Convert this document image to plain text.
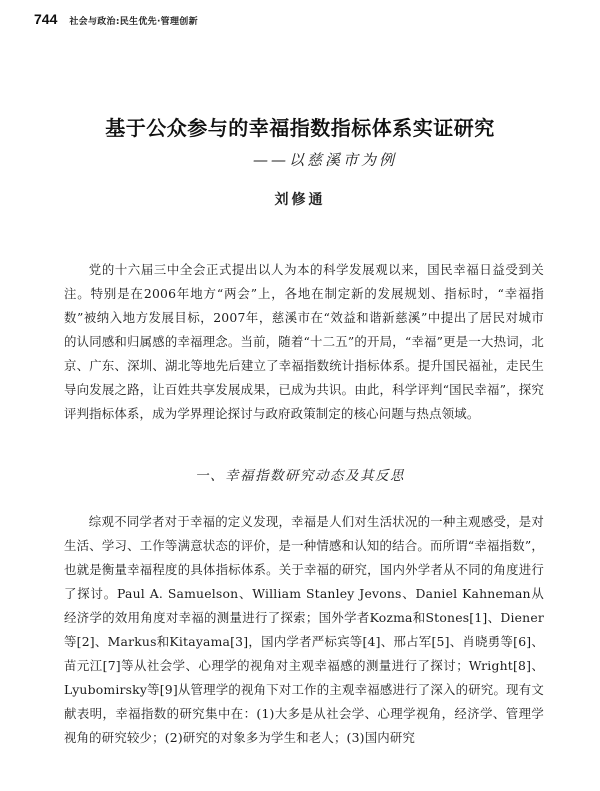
744 社会与政治:民生优先·管理创新
基于公众参与的幸福指数指标体系实证研究
——以慈溪市为例
刘修通

党的十六届三中全会正式提出以人为本的科学发展观以来，国民幸福日益受到关注。特别是在2006年地方“两会”上，各地在制定新的发展规划、指标时，“幸福指数”被纳入地方发展目标，2007年，慈溪市在“效益和谐新慈溪”中提出了居民对城市的认同感和归属感的幸福理念。当前，随着“十二五”的开局，“幸福”更是一大热词，北京、广东、深圳、湖北等地先后建立了幸福指数统计指标体系。提升国民福祉，走民生导向发展之路，让百姓共享发展成果，已成为共识。由此，科学评判“国民幸福”，探究评判指标体系，成为学界理论探讨与政府政策制定的核心问题与热点领域。

一、幸福指数研究动态及其反思

综观不同学者对于幸福的定义发现，幸福是人们对生活状况的一种主观感受，是对生活、学习、工作等满意状态的评价，是一种情感和认知的结合。而所谓“幸福指数”，也就是衡量幸福程度的具体指标体系。关于幸福的研究，国内外学者从不同的角度进行了探讨。Paul A. Samuelson、William Stanley Jevons、Daniel Kahneman从经济学的效用角度对幸福的测量进行了探索；国外学者Kozma和Stones[1]、Diener等[2]、Markus和Kitayama[3]，国内学者严标宾等[4]、邢占军[5]、肖晓勇等[6]、苗元江[7]等从社会学、心理学的视角对主观幸福感的测量进行了探讨；Wright[8]、Lyubomirsky等[9]从管理学的视角下对工作的主观幸福感进行了深入的研究。现有文献表明，幸福指数的研究集中在：(1)大多是从社会学、心理学视角，经济学、管理学视角的研究较少；(2)研究的对象多为学生和老人；(3)国内研究
